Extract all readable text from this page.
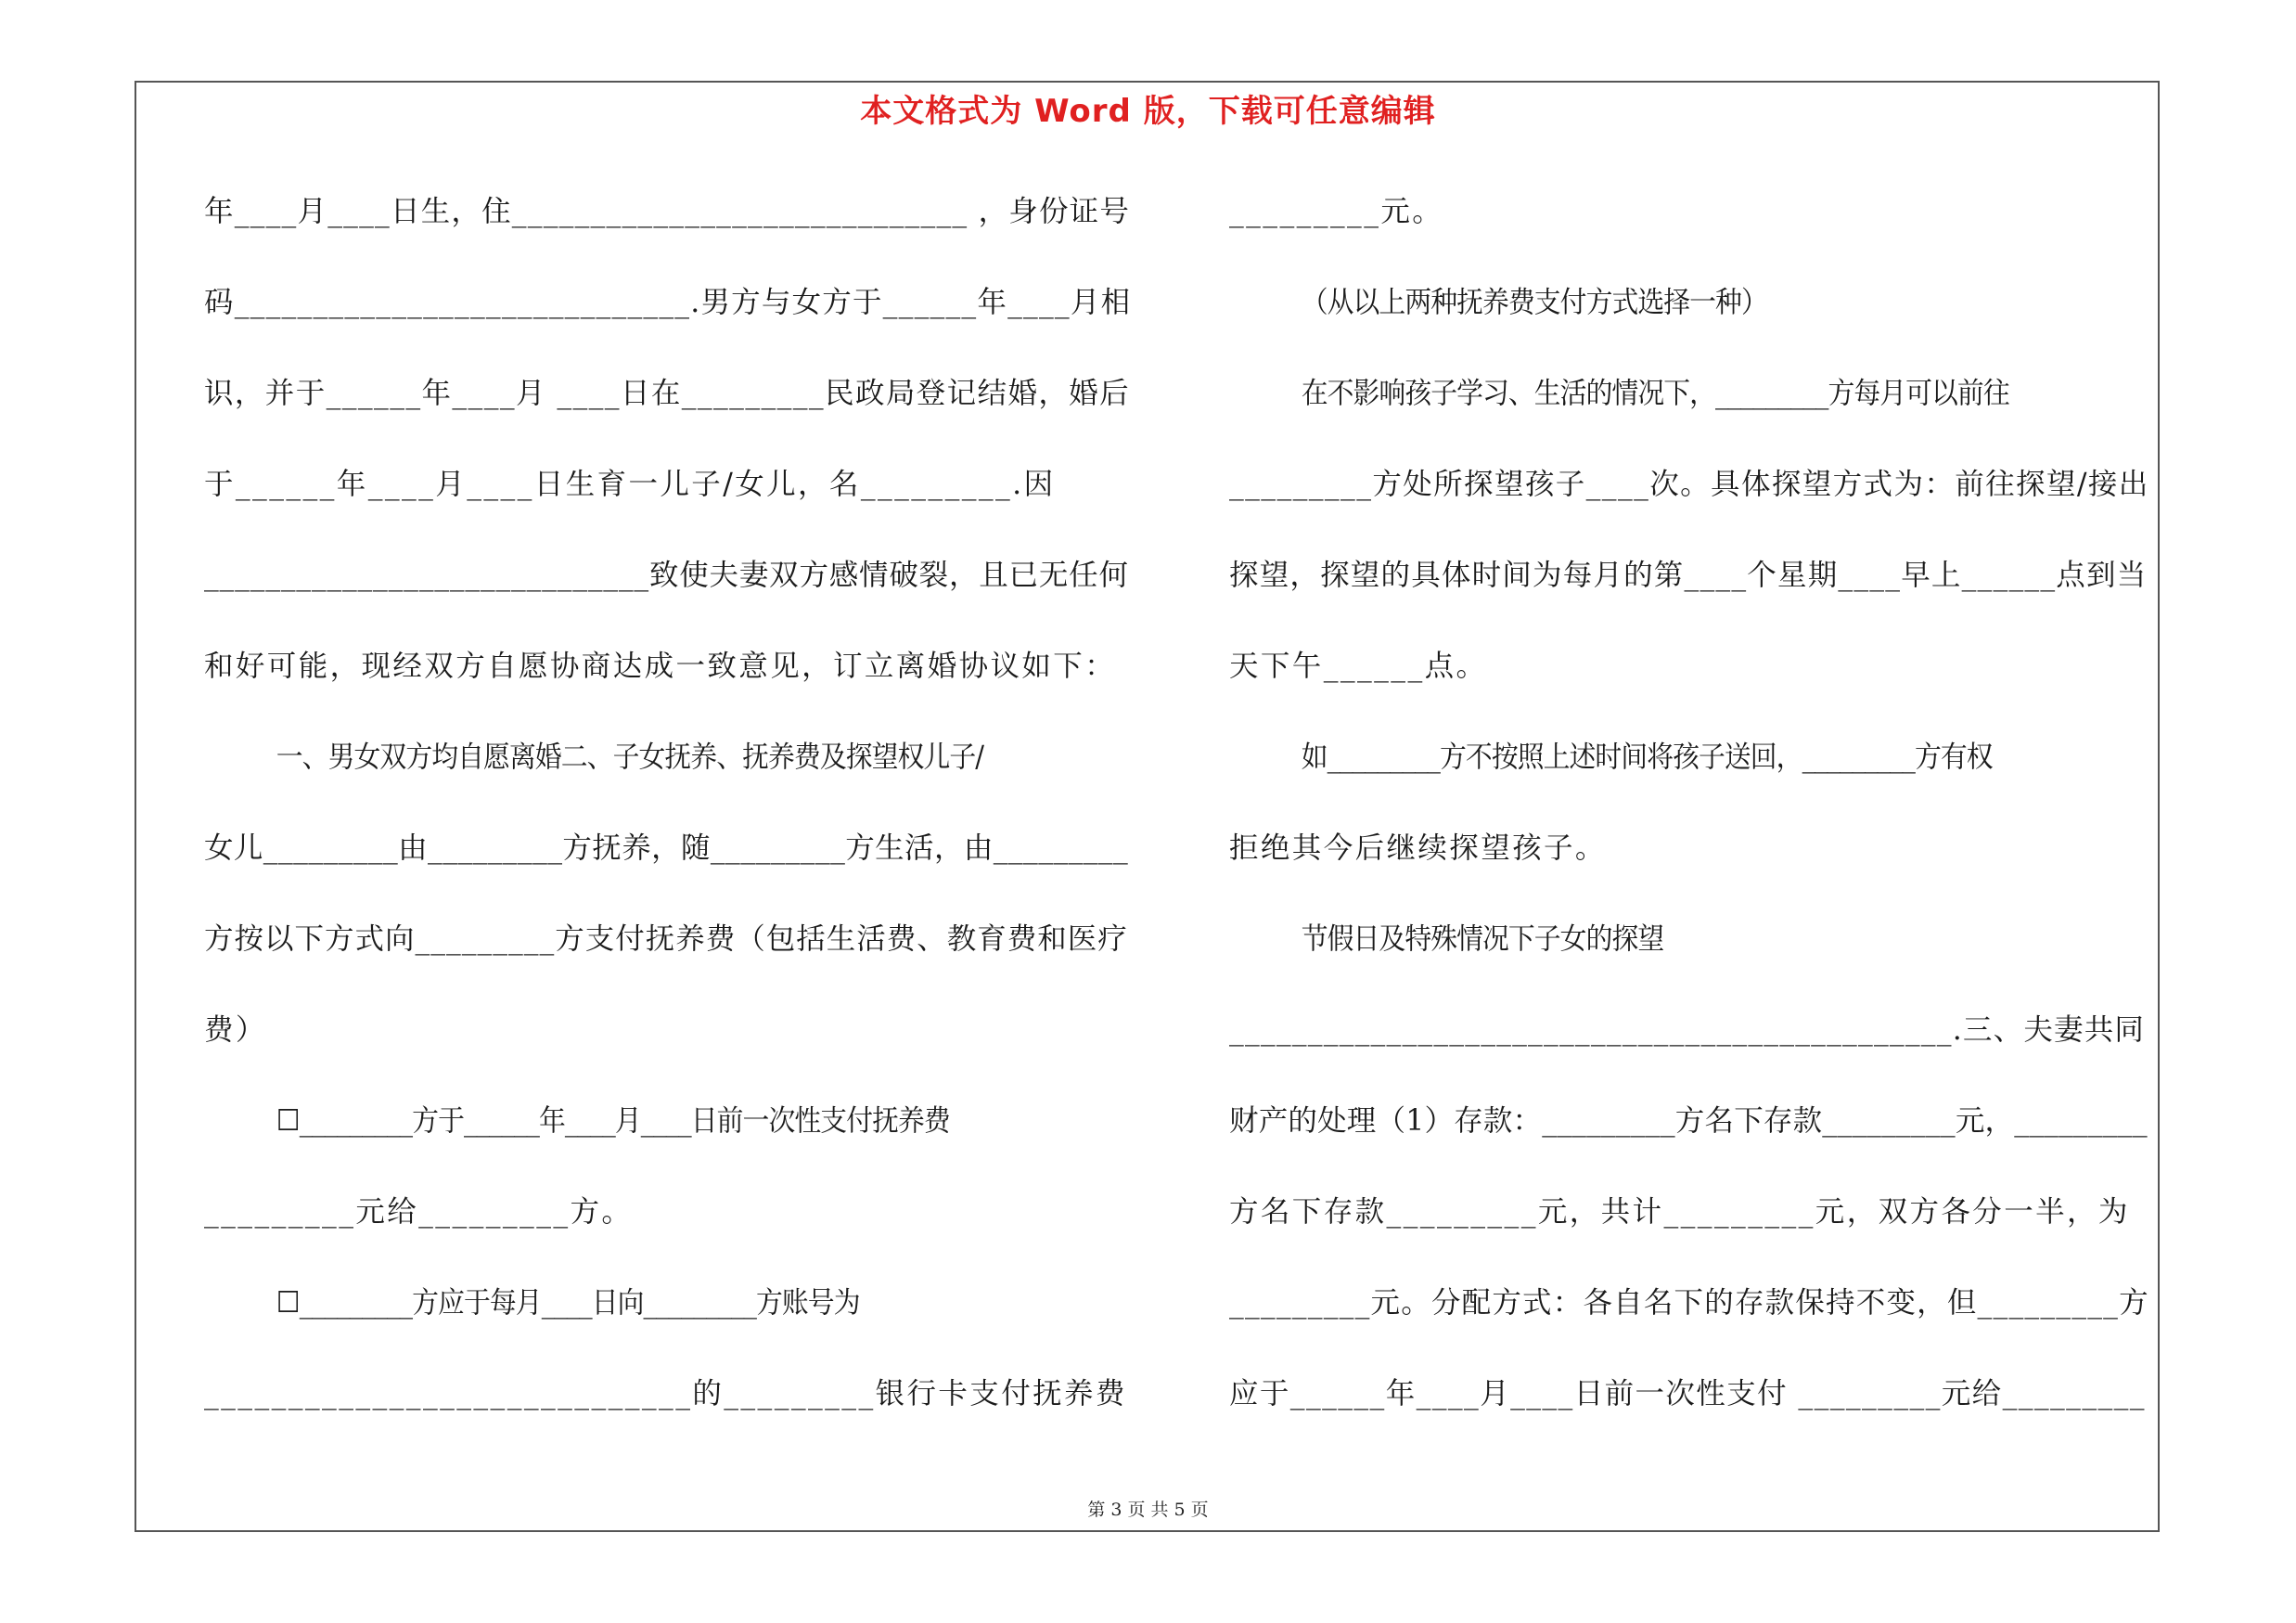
本文格式为 Word 版，下载可任意编辑
年____月____日生，住_____________________________ ，身份证号
码_____________________________.男方与女方于______年____月相
识，并于______年____月 ____日在_________民政局登记结婚，婚后
于______年____月____日生育一儿子/女儿，名_________.因
_____________________________致使夫妻双方感情破裂，且已无任何
和好可能，现经双方自愿协商达成一致意见，订立离婚协议如下：
一、男女双方均自愿离婚二、子女抚养、抚养费及探望权儿子/
女儿_________由_________方抚养，随_________方生活，由_________
方按以下方式向_________方支付抚养费（包括生活费、教育费和医疗
费）
☐_________方于______年____月____日前一次性支付抚养费
_________元给_________方。
☐_________方应于每月____日向_________方账号为
_____________________________的_________银行卡支付抚养费
_________元。
（从以上两种抚养费支付方式选择一种）
在不影响孩子学习、生活的情况下，_________方每月可以前往
_________方处所探望孩子____次。具体探望方式为：前往探望/接出
探望，探望的具体时间为每月的第____个星期____早上______点到当
天下午______点。
如_________方不按照上述时间将孩子送回，_________方有权
拒绝其今后继续探望孩子。
节假日及特殊情况下子女的探望
______________________________________________.三、夫妻共同
财产的处理（1）存款：_________方名下存款_________元，_________
方名下存款_________元，共计_________元，双方各分一半，为
_________元。分配方式：各自名下的存款保持不变，但_________方
应于______年____月____日前一次性支付 _________元给_________
第 3 页 共 5 页
